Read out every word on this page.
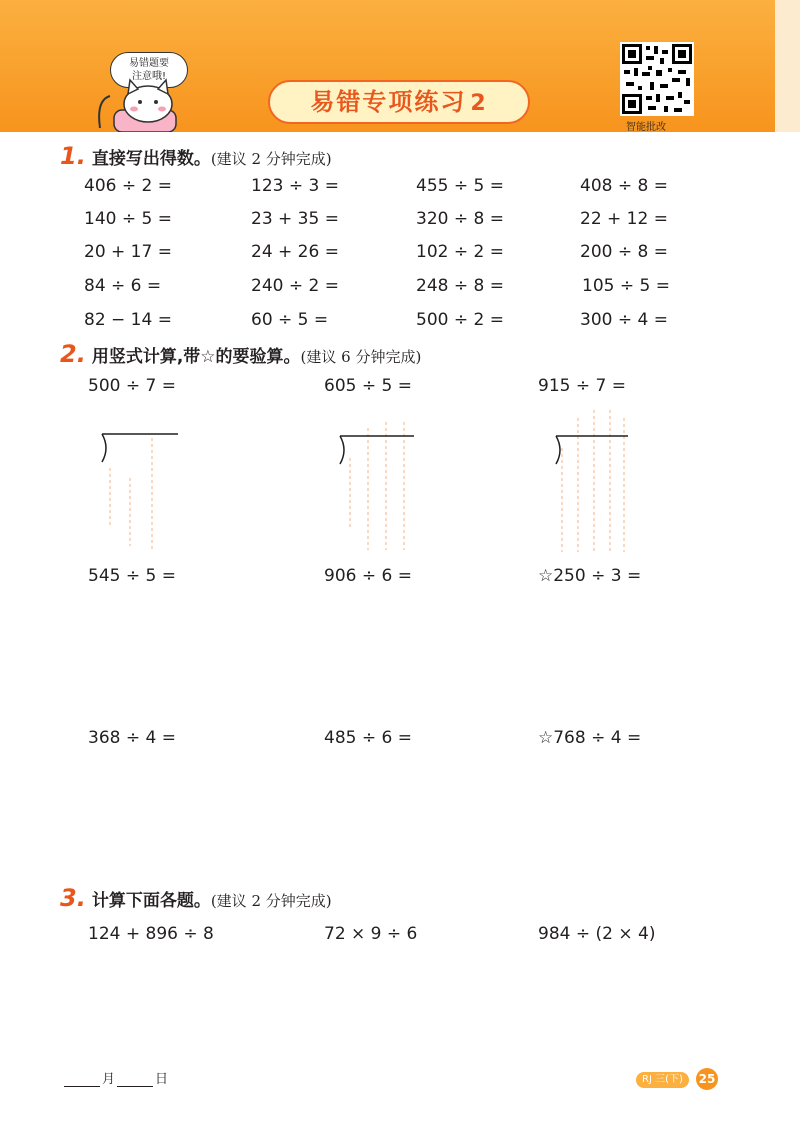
易错题要
注意哦!
易错专项练习 2
智能批改
1. 直接写出得数。(建议 2 分钟完成)
406 ÷ 2 =	123 ÷ 3 =	455 ÷ 5 =	408 ÷ 8 =
140 ÷ 5 =	23 + 35 =	320 ÷ 8 =	22 + 12 =
20 + 17 =	24 + 26 =	102 ÷ 2 =	200 ÷ 8 =
84 ÷ 6 =	240 ÷ 2 =	248 ÷ 8 =	105 ÷ 5 =
82 − 14 =	60 ÷ 5 =	500 ÷ 2 =	300 ÷ 4 =
2. 用竖式计算,带☆的要验算。(建议 6 分钟完成)
500 ÷ 7 =	605 ÷ 5 =	915 ÷ 7 =
545 ÷ 5 =	906 ÷ 6 =	☆250 ÷ 3 =
368 ÷ 4 =	485 ÷ 6 =	☆768 ÷ 4 =
3. 计算下面各题。(建议 2 分钟完成)
124 + 896 ÷ 8	72 × 9 ÷ 6	984 ÷ (2 × 4)
月	日	RJ 三(下)	25
